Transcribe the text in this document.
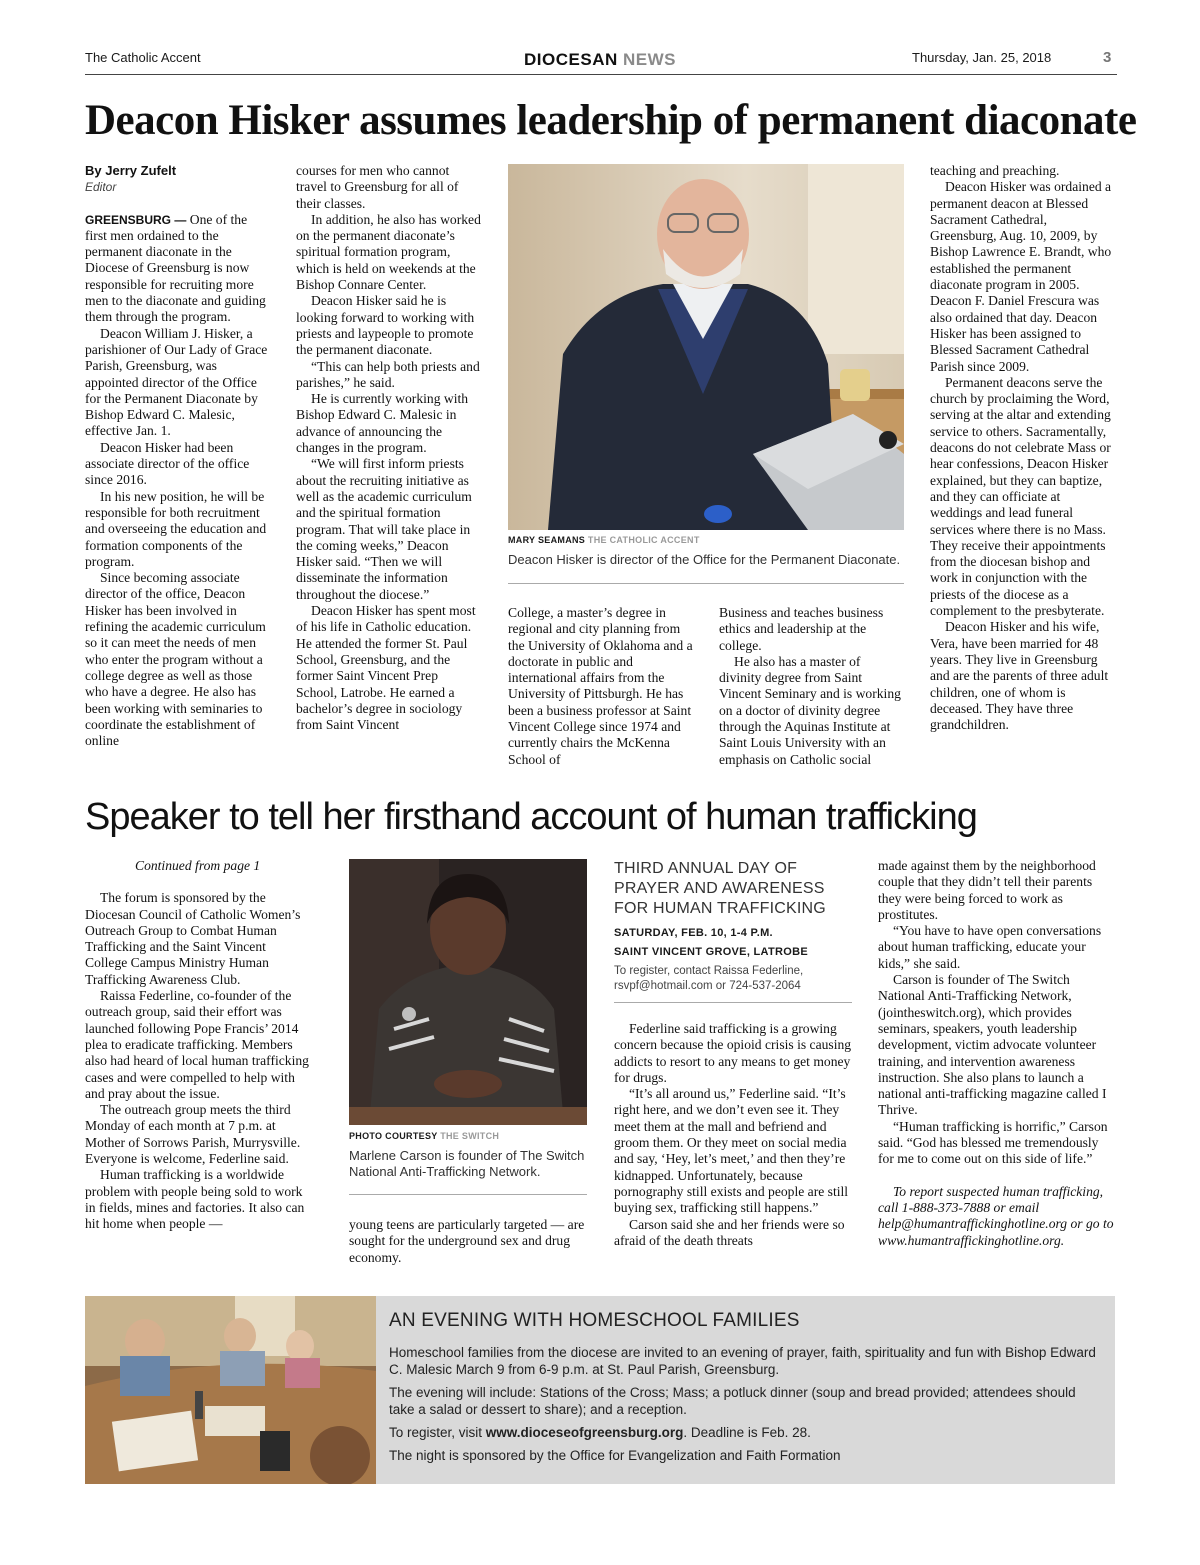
The Catholic Accent	DIOCESAN NEWS	Thursday, Jan. 25, 2018	3
Deacon Hisker assumes leadership of permanent diaconate
By Jerry Zufelt
Editor

GREENSBURG — One of the first men ordained to the permanent diaconate in the Diocese of Greensburg is now responsible for recruiting more men to the diaconate and guiding them through the program.

Deacon William J. Hisker, a parishioner of Our Lady of Grace Parish, Greensburg, was appointed director of the Office for the Permanent Diaconate by Bishop Edward C. Malesic, effective Jan. 1.

Deacon Hisker had been associate director of the office since 2016.

In his new position, he will be responsible for both recruitment and overseeing the education and formation components of the program.

Since becoming associate director of the office, Deacon Hisker has been involved in refining the academic curriculum so it can meet the needs of men who enter the program without a college degree as well as those who have a degree. He also has been working with seminaries to coordinate the establishment of online

courses for men who cannot travel to Greensburg for all of their classes.

In addition, he also has worked on the permanent diaconate’s spiritual formation program, which is held on weekends at the Bishop Connare Center.

Deacon Hisker said he is looking forward to working with priests and laypeople to promote the permanent diaconate.

“This can help both priests and parishes,” he said.

He is currently working with Bishop Edward C. Malesic in advance of announcing the changes in the program.

“We will first inform priests about the recruiting initiative as well as the academic curriculum and the spiritual formation program. That will take place in the coming weeks,” Deacon Hisker said. “Then we will disseminate the information throughout the diocese.”

Deacon Hisker has spent most of his life in Catholic education. He attended the former St. Paul School, Greensburg, and the former Saint Vincent Prep School, Latrobe. He earned a bachelor’s degree in sociology from Saint Vincent

MARY SEAMANS THE CATHOLIC ACCENT
Deacon Hisker is director of the Office for the Permanent Diaconate.

College, a master’s degree in regional and city planning from the University of Oklahoma and a doctorate in public and international affairs from the University of Pittsburgh. He has been a business professor at Saint Vincent College since 1974 and currently chairs the McKenna School of

Business and teaches business ethics and leadership at the college.

He also has a master of divinity degree from Saint Vincent Seminary and is working on a doctor of divinity degree through the Aquinas Institute at Saint Louis University with an emphasis on Catholic social

teaching and preaching.

Deacon Hisker was ordained a permanent deacon at Blessed Sacrament Cathedral, Greensburg, Aug. 10, 2009, by Bishop Lawrence E. Brandt, who established the permanent diaconate program in 2005. Deacon F. Daniel Frescura was also ordained that day. Deacon Hisker has been assigned to Blessed Sacrament Cathedral Parish since 2009.

Permanent deacons serve the church by proclaiming the Word, serving at the altar and extending service to others. Sacramentally, deacons do not celebrate Mass or hear confessions, Deacon Hisker explained, but they can baptize, and they can officiate at weddings and lead funeral services where there is no Mass. They receive their appointments from the diocesan bishop and work in conjunction with the priests of the diocese as a complement to the presbyterate.

Deacon Hisker and his wife, Vera, have been married for 48 years. They live in Greensburg and are the parents of three adult children, one of whom is deceased. They have three grandchildren.

Speaker to tell her firsthand account of human trafficking

Continued from page 1

The forum is sponsored by the Diocesan Council of Catholic Women’s Outreach Group to Combat Human Trafficking and the Saint Vincent College Campus Ministry Human Trafficking Awareness Club.

Raissa Federline, co-founder of the outreach group, said their effort was launched following Pope Francis’ 2014 plea to eradicate trafficking. Members also had heard of local human trafficking cases and were compelled to help with and pray about the issue.

The outreach group meets the third Monday of each month at 7 p.m. at Mother of Sorrows Parish, Murrysville. Everyone is welcome, Federline said.

Human trafficking is a worldwide problem with people being sold to work in fields, mines and factories. It also can hit home when people —

PHOTO COURTESY THE SWITCH
Marlene Carson is founder of The Switch National Anti-Trafficking Network.

young teens are particularly targeted — are sought for the underground sex and drug economy.

THIRD ANNUAL DAY OF PRAYER AND AWARENESS FOR HUMAN TRAFFICKING
SATURDAY, FEB. 10, 1-4 P.M.
SAINT VINCENT GROVE, LATROBE
To register, contact Raissa Federline, rsvpf@hotmail.com or 724-537-2064

Federline said trafficking is a growing concern because the opioid crisis is causing addicts to resort to any means to get money for drugs.

“It’s all around us,” Federline said. “It’s right here, and we don’t even see it. They meet them at the mall and befriend and groom them. Or they meet on social media and say, ‘Hey, let’s meet,’ and then they’re kidnapped. Unfortunately, because pornography still exists and people are still buying sex, trafficking still happens.”

Carson said she and her friends were so afraid of the death threats

made against them by the neighborhood couple that they didn’t tell their parents they were being forced to work as prostitutes.

“You have to have open conversations about human trafficking, educate your kids,” she said.

Carson is founder of The Switch National Anti-Trafficking Network, (jointheswitch.org), which provides seminars, speakers, youth leadership development, victim advocate volunteer training, and intervention awareness instruction. She also plans to launch a national anti-trafficking magazine called I Thrive.

“Human trafficking is horrific,” Carson said. “God has blessed me tremendously for me to come out on this side of life.”

To report suspected human trafficking, call 1-888-373-7888 or email help@humantraffickinghotline.org or go to www.humantraffickinghotline.org.

AN EVENING WITH HOMESCHOOL FAMILIES

Homeschool families from the diocese are invited to an evening of prayer, faith, spirituality and fun with Bishop Edward C. Malesic March 9 from 6-9 p.m. at St. Paul Parish, Greensburg.

The evening will include: Stations of the Cross; Mass; a potluck dinner (soup and bread provided; attendees should take a salad or dessert to share); and a reception.

To register, visit www.dioceseofgreensburg.org. Deadline is Feb. 28.

The night is sponsored by the Office for Evangelization and Faith Formation
